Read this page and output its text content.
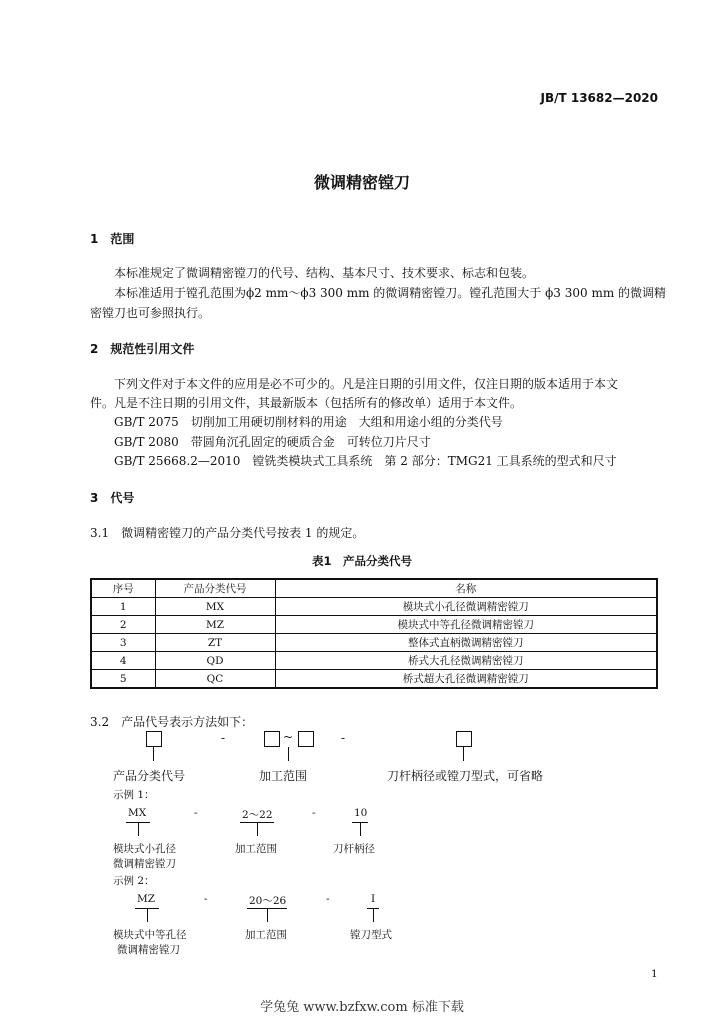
JB/T 13682—2020
微调精密镗刀
1　范围
本标准规定了微调精密镗刀的代号、结构、基本尺寸、技术要求、标志和包装。
本标准适用于镗孔范围为ϕ2 mm～ϕ3 300 mm 的微调精密镗刀。镗孔范围大于 ϕ3 300 mm 的微调精
密镗刀也可参照执行。
2　规范性引用文件
下列文件对于本文件的应用是必不可少的。凡是注日期的引用文件，仅注日期的版本适用于本文
件。凡是不注日期的引用文件，其最新版本（包括所有的修改单）适用于本文件。
GB/T 2075　切削加工用硬切削材料的用途　大组和用途小组的分类代号
GB/T 2080　带圆角沉孔固定的硬质合金　可转位刀片尺寸
GB/T 25668.2—2010　镗铣类模块式工具系统　第 2 部分：TMG21 工具系统的型式和尺寸
3　代号
3.1　微调精密镗刀的产品分类代号按表 1 的规定。
表1　产品分类代号
序号	产品分类代号	名称
1	MX	模块式小孔径微调精密镗刀
2	MZ	模块式中等孔径微调精密镗刀
3	ZT	整体式直柄微调精密镗刀
4	QD	桥式大孔径微调精密镗刀
5	QC	桥式超大孔径微调精密镗刀
3.2　产品代号表示方法如下：
-	~	-
产品分类代号	加工范围	刀杆柄径或镗刀型式，可省略
示例 1：
MX	-	2～22	-	10
模块式小孔径
微调精密镗刀
加工范围	刀杆柄径
示例 2：
MZ	-	20～26	-	I
模块式中等孔径
微调精密镗刀
加工范围	镗刀型式
1
学兔兔 www.bzfxw.com 标准下载
